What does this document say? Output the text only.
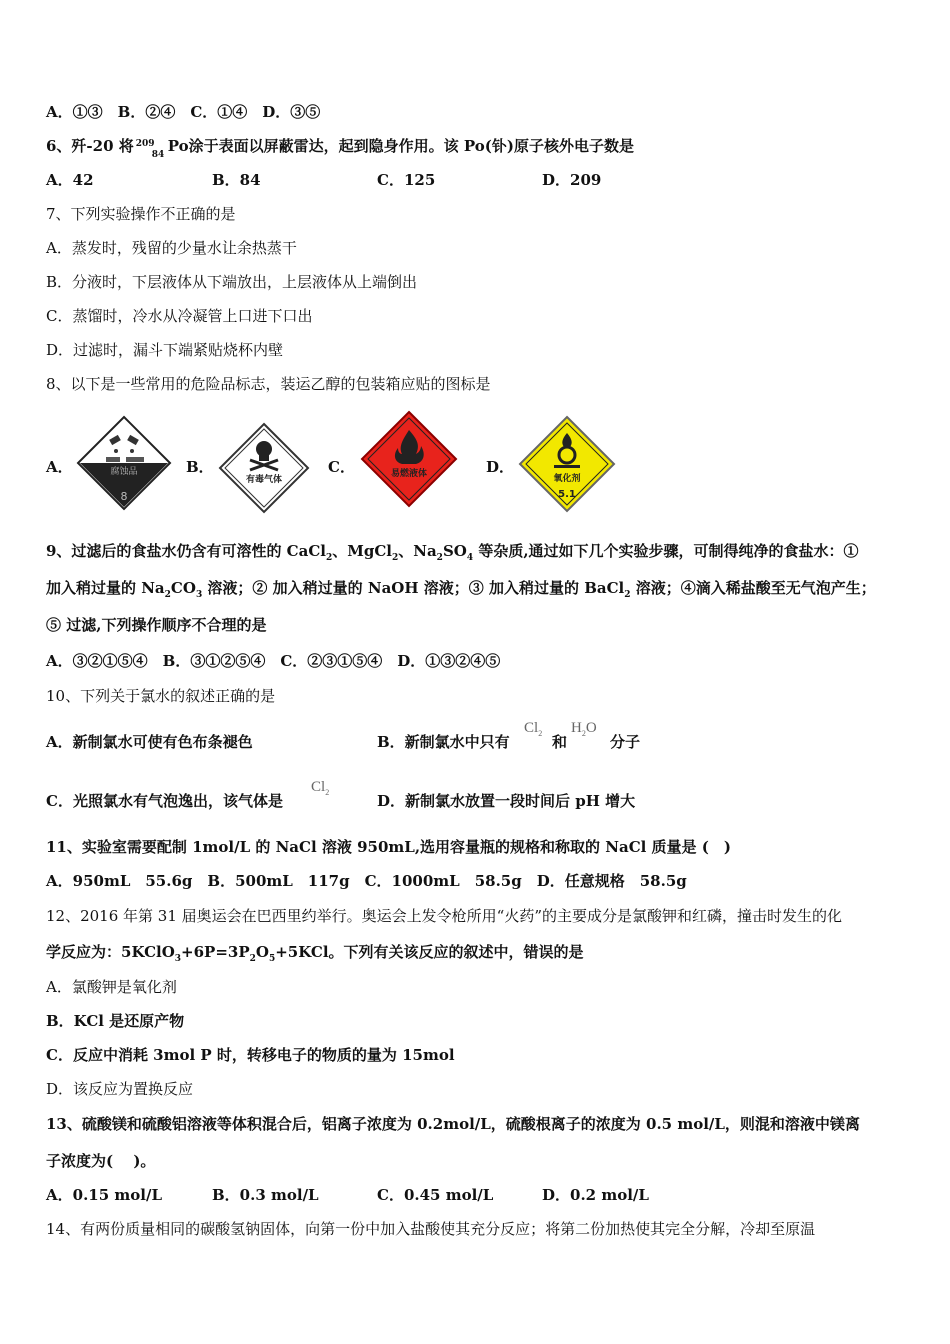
A．①③　B．②④　C．①④　D．③⑤
6、歼-20 将 209
84 Po涂于表面以屏蔽雷达，起到隐身作用。该 Po(钋)原子核外电子数是
A．42	B．84	C．125	D．209
7、下列实验操作不正确的是
A．蒸发时，残留的少量水让余热蒸干
B．分液时，下层液体从下端放出，上层液体从上端倒出
C．蒸馏时，冷水从冷凝管上口进下口出
D．过滤时，漏斗下端紧贴烧杯内壁
8、以下是一些常用的危险品标志，装运乙醇的包装箱应贴的图标是
A．	腐蚀品
8
B．
有毒气体
C．	易燃液体	D．
氧化剂
5.1
9、过滤后的食盐水仍含有可溶性的 CaCl$_2$、MgCl$_2$、$Na_2SO_4$ 等杂质,通过如下几个实验步骤，可制得纯净的食盐水：①
加入稍过量的 $Na_2CO_3$ 溶液；② 加入稍过量的 NaOH 溶液；③ 加入稍过量的 BaCl$_2$ 溶液；④滴入稀盐酸至无气泡产生；
⑤ 过滤,下列操作顺序不合理的是
A．③②①⑤④　B．③①②⑤④　C．②③①⑤④　D．①③②④⑤
10、下列关于氯水的叙述正确的是
A．新制氯水可使有色布条褪色	B．新制氯水中只有
$Cl_2$ 和
$H_2O$
分子
C．光照氯水有气泡逸出，该气体是
$Cl_2$	D．新制氯水放置一段时间后 pH 增大
11、实验室需要配制 1mol/L 的 NaCl 溶液 950mL,选用容量瓶的规格和称取的 NaCl 质量是 (　)
A．950mL　55.6g　B．500mL　117g　C．1000mL　58.5g　D．任意规格　58.5g
12、2016 年第 31 届奥运会在巴西里约举行。奥运会上发令枪所用“火药”的主要成分是氯酸钾和红磷，撞击时发生的化
学反应为：$5KClO_3+6P=3P_2O_5+5KCl$。下列有关该反应的叙述中，错误的是
A．氯酸钾是氧化剂
B．KCl 是还原产物
C．反应中消耗 3mol P 时，转移电子的物质的量为 15mol
D．该反应为置换反应
13、硫酸镁和硫酸铝溶液等体积混合后，铝离子浓度为 0.2mol/L，硫酸根离子的浓度为 0.5 mol/L，则混和溶液中镁离
子浓度为(　 )。
A．0.15 mol/L	B．0.3 mol/L	C．0.45 mol/L	D．0.2 mol/L
14、有两份质量相同的碳酸氢钠固体，向第一份中加入盐酸使其充分反应；将第二份加热使其完全分解，冷却至原温
